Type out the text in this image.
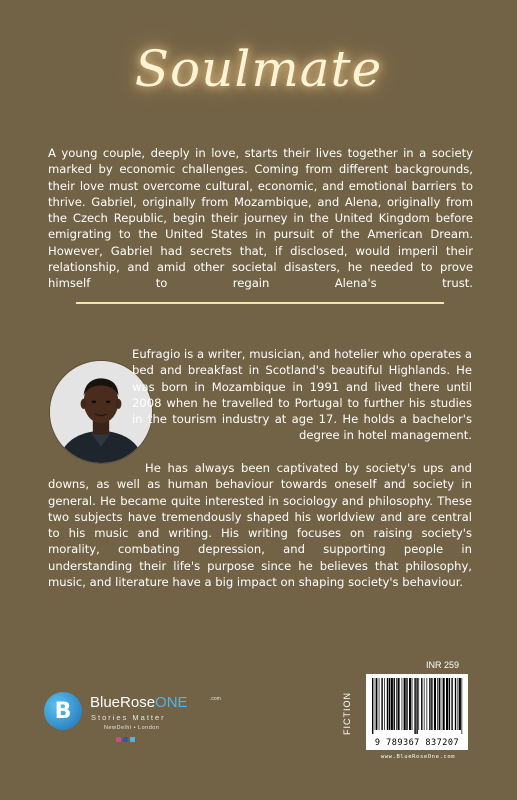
Soulmate

A young couple, deeply in love, starts their lives together in a society marked by economic challenges. Coming from different backgrounds, their love must overcome cultural, economic, and emotional barriers to thrive. Gabriel, originally from Mozambique, and Alena, originally from the Czech Republic, begin their journey in the United Kingdom before emigrating to the United States in pursuit of the American Dream. However, Gabriel had secrets that, if disclosed, would imperil their relationship, and amid other societal disasters, he needed to prove himself to regain Alena's trust.

Eufragio is a writer, musician, and hotelier who operates a bed and breakfast in Scotland's beautiful Highlands. He was born in Mozambique in 1991 and lived there until 2008 when he travelled to Portugal to further his studies in the tourism industry at age 17. He holds a bachelor's degree in hotel management.

He has always been captivated by society's ups and downs, as well as human behaviour towards oneself and society in general. He became quite interested in sociology and philosophy. These two subjects have tremendously shaped his worldview and are central to his music and writing. His writing focuses on raising society's morality, combating depression, and supporting people in understanding their life's purpose since he believes that philosophy, music, and literature have a big impact on shaping society's behaviour.

B	BlueRoseONE	.com
Stories Matter
NewDelhi • London
INR 259
FICTION
9 789367 837207
www.BlueRoseOne.com
